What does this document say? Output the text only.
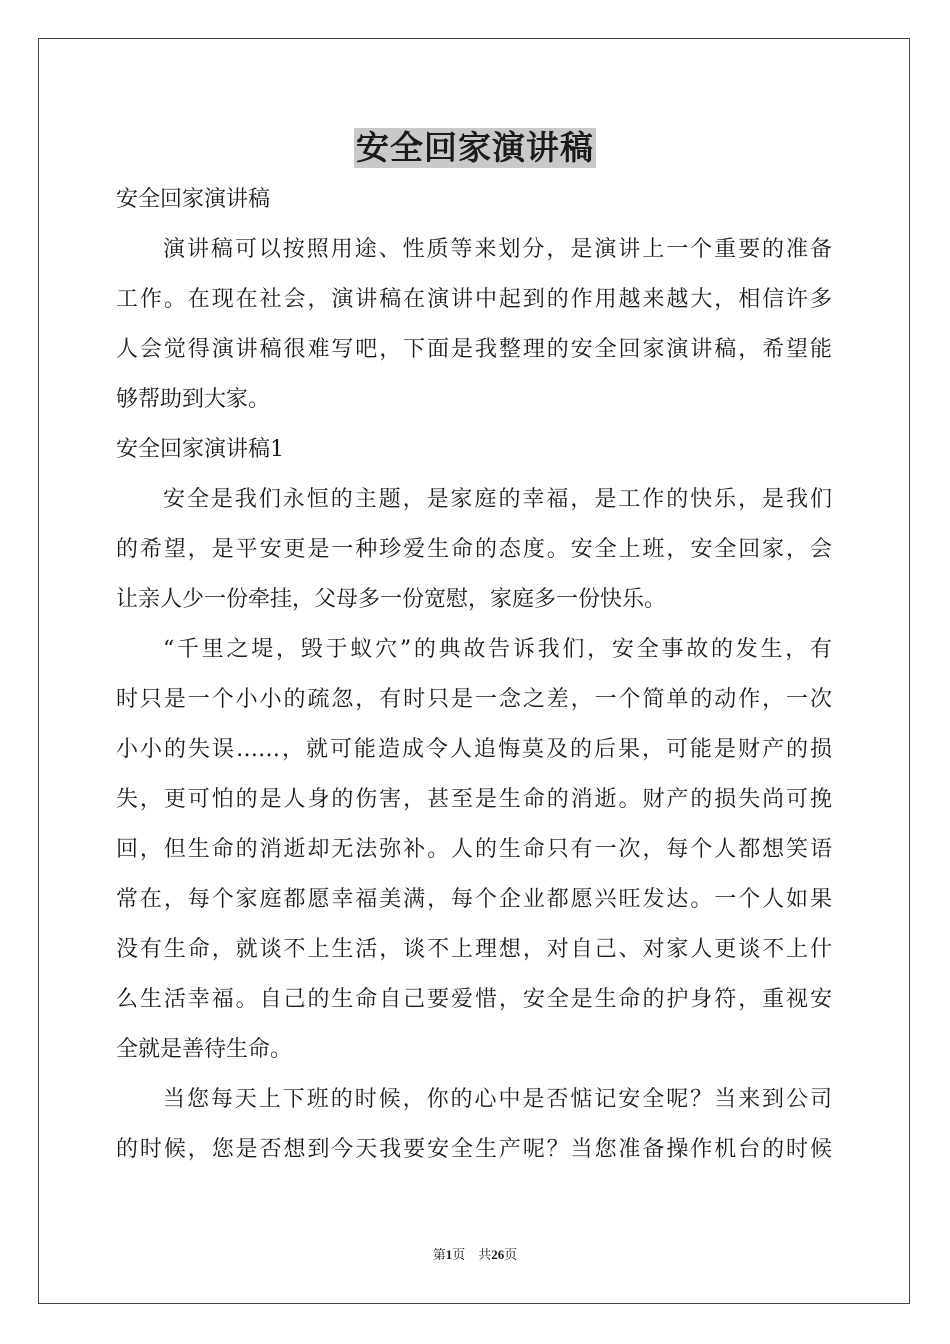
安全回家演讲稿
安全回家演讲稿
演讲稿可以按照用途、性质等来划分，是演讲上一个重要的准备
工作。在现在社会，演讲稿在演讲中起到的作用越来越大，相信许多
人会觉得演讲稿很难写吧，下面是我整理的安全回家演讲稿，希望能
够帮助到大家。
安全回家演讲稿1
安全是我们永恒的主题，是家庭的幸福，是工作的快乐，是我们
的希望，是平安更是一种珍爱生命的态度。安全上班，安全回家，会
让亲人少一份牵挂，父母多一份宽慰，家庭多一份快乐。
“千里之堤，毁于蚁穴”的典故告诉我们，安全事故的发生，有
时只是一个小小的疏忽，有时只是一念之差，一个简单的动作，一次
小小的失误……，就可能造成令人追悔莫及的后果，可能是财产的损
失，更可怕的是人身的伤害，甚至是生命的消逝。财产的损失尚可挽
回，但生命的消逝却无法弥补。人的生命只有一次，每个人都想笑语
常在，每个家庭都愿幸福美满，每个企业都愿兴旺发达。一个人如果
没有生命，就谈不上生活，谈不上理想，对自己、对家人更谈不上什
么生活幸福。自己的生命自己要爱惜，安全是生命的护身符，重视安
全就是善待生命。
当您每天上下班的时候，你的心中是否惦记安全呢？当来到公司
的时候，您是否想到今天我要安全生产呢？当您准备操作机台的时候
第1页　共26页
